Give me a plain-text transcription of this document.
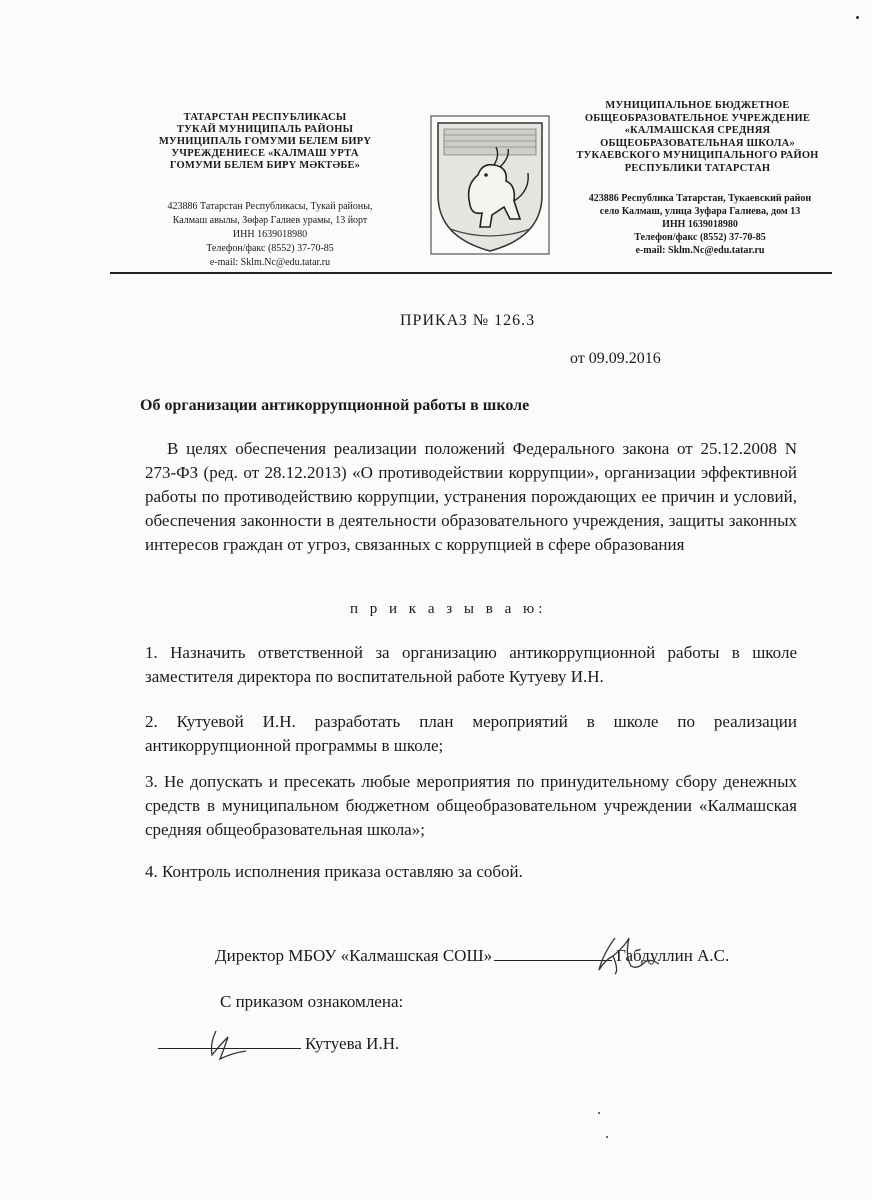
ТАТАРСТАН РЕСПУБЛИКАСЫ
ТУКАЙ МУНИЦИПАЛЬ РАЙОНЫ
МУНИЦИПАЛЬ ГОМУМИ БЕЛЕМ БИРҮ
УЧРЕЖДЕНИЕСЕ «КАЛМАШ УРТА
ГОМУМИ БЕЛЕМ БИРҮ МӘКТӘБЕ»
423886 Татарстан Республикасы, Тукай районы,
Калмаш авылы, Зөфәр Галиев урамы, 13 йорт
ИНН 1639018980
Телефон/факс (8552) 37-70-85
e-mail: Sklm.Nc@edu.tatar.ru
МУНИЦИПАЛЬНОЕ БЮДЖЕТНОЕ
ОБЩЕОБРАЗОВАТЕЛЬНОЕ УЧРЕЖДЕНИЕ
«КАЛМАШСКАЯ СРЕДНЯЯ
ОБЩЕОБРАЗОВАТЕЛЬНАЯ ШКОЛА»
ТУКАЕВСКОГО МУНИЦИПАЛЬНОГО РАЙОН
РЕСПУБЛИКИ ТАТАРСТАН
423886 Республика Татарстан, Тукаевский район
село Калмаш, улица Зуфара Галиева, дом 13
ИНН 1639018980
Телефон/факс (8552) 37-70-85
e-mail: Sklm.Nc@edu.tatar.ru
ПРИКАЗ № 126.3
от 09.09.2016
Об организации антикоррупционной работы в школе
В целях обеспечения реализации положений Федерального закона от 25.12.2008 N 273-ФЗ (ред. от 28.12.2013) «О противодействии коррупции», организации эффективной работы по противодействию коррупции, устранения порождающих ее причин и условий, обеспечения законности в деятельности образовательного учреждения, защиты законных интересов граждан от угроз, связанных с коррупцией в сфере образования
п р и к а з ы в а ю:
1. Назначить ответственной за организацию антикоррупционной работы в школе заместителя директора по воспитательной работе Кутуеву И.Н.
2. Кутуевой И.Н. разработать план мероприятий в школе по реализации антикоррупционной программы в школе;
3. Не допускать и пресекать любые мероприятия по принудительному сбору денежных средств в муниципальном бюджетном общеобразовательном учреждении «Калмашская средняя общеобразовательная школа»;
4. Контроль исполнения приказа оставляю за собой.
Директор МБОУ «Калмашская СОШ»	Габдуллин А.С.
С приказом ознакомлена:
Кутуева И.Н.
